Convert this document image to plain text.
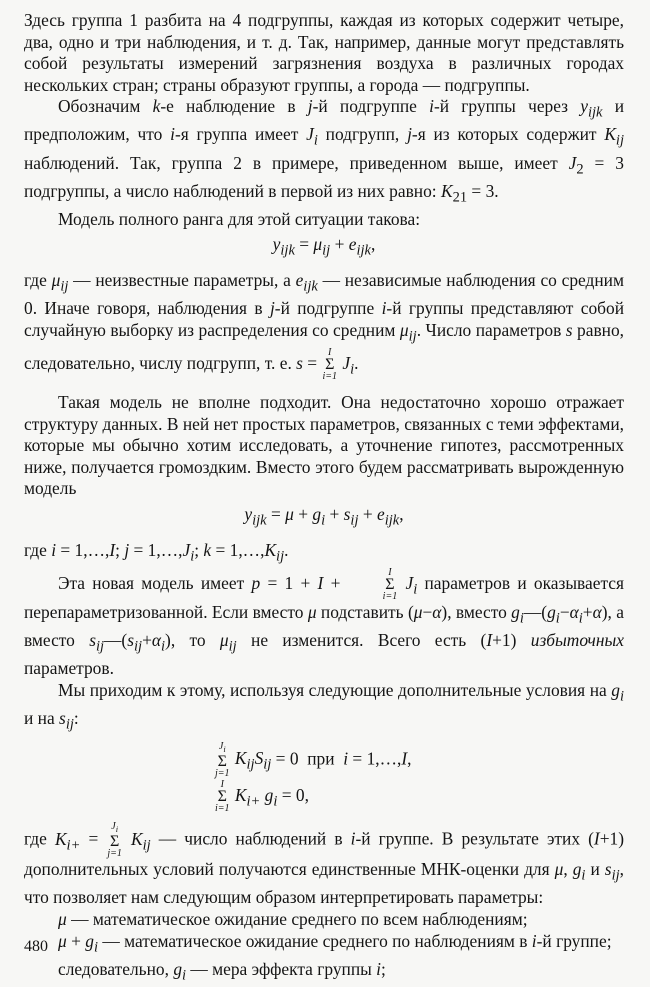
Здесь группа 1 разбита на 4 подгруппы, каждая из которых содержит четыре, два, одно и три наблюдения, и т. д. Так, например, данные могут представлять собой результаты измерений загрязнения воздуха в различных городах нескольких стран; страны образуют группы, а города — подгруппы.

Обозначим k-е наблюдение в j-й подгруппе i-й группы через $y_{ijk}$ и предположим, что i-я группа имеет $J_i$ подгрупп, j-я из которых содержит $K_{ij}$ наблюдений. Так, группа 2 в примере, приведенном выше, имеет $J_2 = 3$ подгруппы, а число наблюдений в первой из них равно: $K_{21} = 3$.

Модель полного ранга для этой ситуации такова:

$y_{ijk} = \mu_{ij} + e_{ijk}$,

где $\mu_{ij}$ — неизвестные параметры, а $e_{ijk}$ — независимые наблюдения со средним 0. Иначе говоря, наблюдения в j-й подгруппе i-й группы представляют собой случайную выборку из распределения со средним $\mu_{ij}$. Число параметров s равно, следовательно, числу подгрупп, т. е. s =
I
Σ
i=1
$J_i$.

Такая модель не вполне подходит. Она недостаточно хорошо отражает структуру данных. В ней нет простых параметров, связанных с теми эффектами, которые мы обычно хотим исследовать, а уточнение гипотез, рассмотренных ниже, получается громоздким. Вместо этого будем рассматривать вырожденную модель

$y_{ijk} = \mu + g_i + s_{ij} + e_{ijk}$,

где i = 1,…,I; $j = 1,\dots,J_i$; $k = 1,\dots,K_{ij}$.

Эта новая модель имеет p = 1 + I +
I
Σ
i=1
$J_i$ параметров и оказывается перепараметризованной. Если вместо μ подставить (μ−α), вместо $g_i—(g_i-\alpha_i+\alpha)$, а вместо $s_{ij}—(s_{ij}+\alpha_i)$, то $\mu_{ij}$ не изменится. Всего есть (I+1) избыточных параметров.

Мы приходим к этому, используя следующие дополнительные условия на $g_i$ и на $s_{ij}$:

$J_i$
Σ
j=1
$K_{ij}S_{ij} = 0$  при  i = 1,…,I,
I
Σ
i=1
$K_{i+}$ $g_i = 0$,

где $K_{i+}$ =
$J_i$
Σ
j=1
$K_{ij}$ — число наблюдений в i-й группе. В результате этих (I+1) дополнительных условий получаются единственные МНК-оценки для μ, $g_i$ и $s_{ij}$, что позволяет нам следующим образом интерпретировать параметры:

μ — математическое ожидание среднего по всем наблюдениям;

$\mu + g_i$ — математическое ожидание среднего по наблюдениям в i-й группе;

следовательно, $g_i$ — мера эффекта группы i;

480
